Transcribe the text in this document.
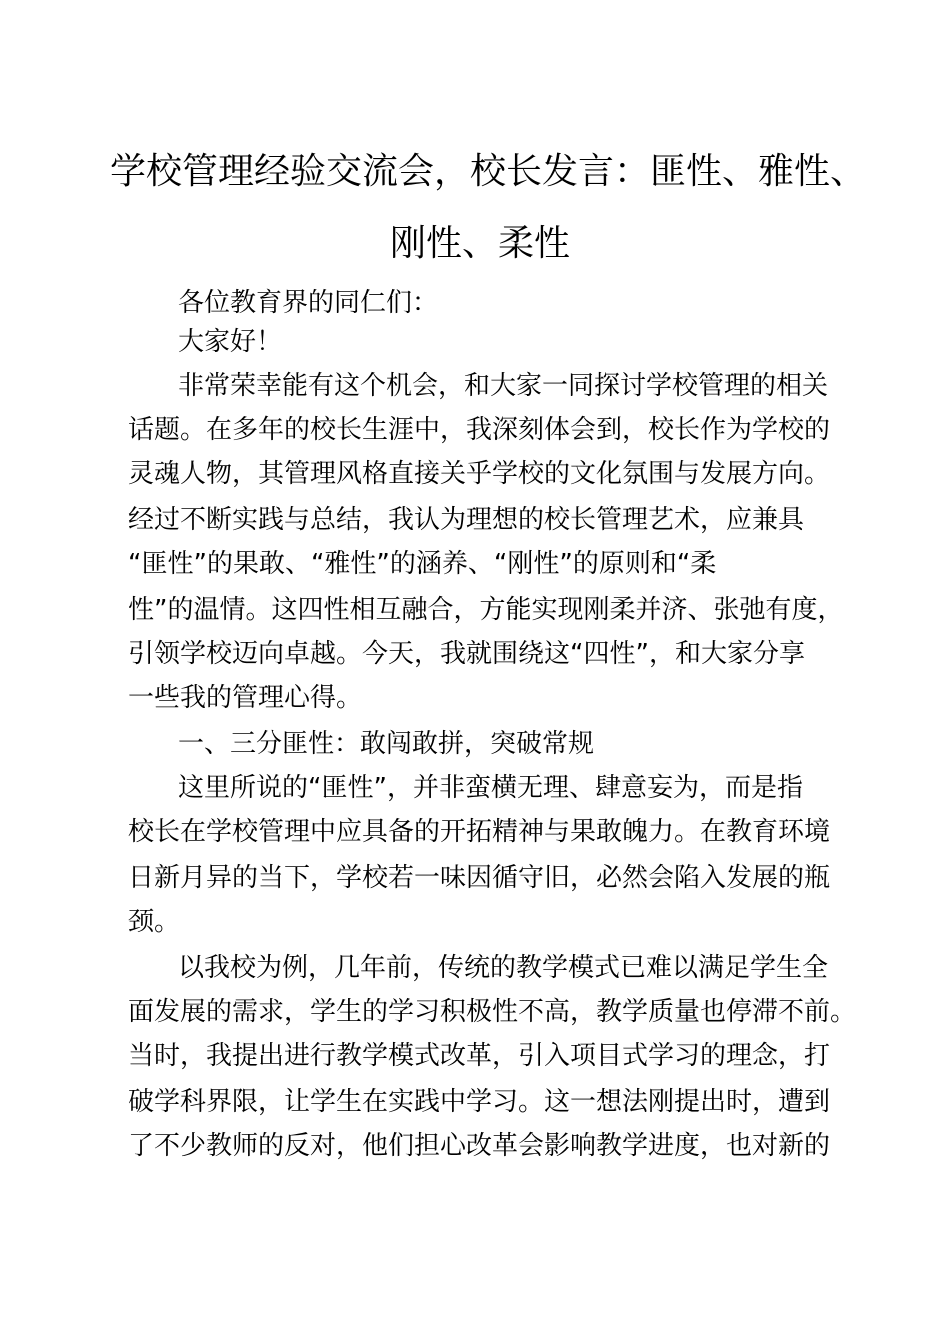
学校管理经验交流会，校长发言：匪性、雅性、
刚性、柔性

各位教育界的同仁们：

大家好！

非常荣幸能有这个机会，和大家一同探讨学校管理的相关

话题。在多年的校长生涯中，我深刻体会到，校长作为学校的

灵魂人物，其管理风格直接关乎学校的文化氛围与发展方向。

经过不断实践与总结，我认为理想的校长管理艺术，应兼具

“匪性”的果敢、“雅性”的涵养、“刚性”的原则和“柔

性”的温情。这四性相互融合，方能实现刚柔并济、张弛有度，

引领学校迈向卓越。今天，我就围绕这“四性”，和大家分享

一些我的管理心得。

一、三分匪性：敢闯敢拼，突破常规

这里所说的“匪性”，并非蛮横无理、肆意妄为，而是指

校长在学校管理中应具备的开拓精神与果敢魄力。在教育环境

日新月异的当下，学校若一味因循守旧，必然会陷入发展的瓶

颈。

以我校为例，几年前，传统的教学模式已难以满足学生全

面发展的需求，学生的学习积极性不高，教学质量也停滞不前。

当时，我提出进行教学模式改革，引入项目式学习的理念，打

破学科界限，让学生在实践中学习。这一想法刚提出时，遭到

了不少教师的反对，他们担心改革会影响教学进度，也对新的
